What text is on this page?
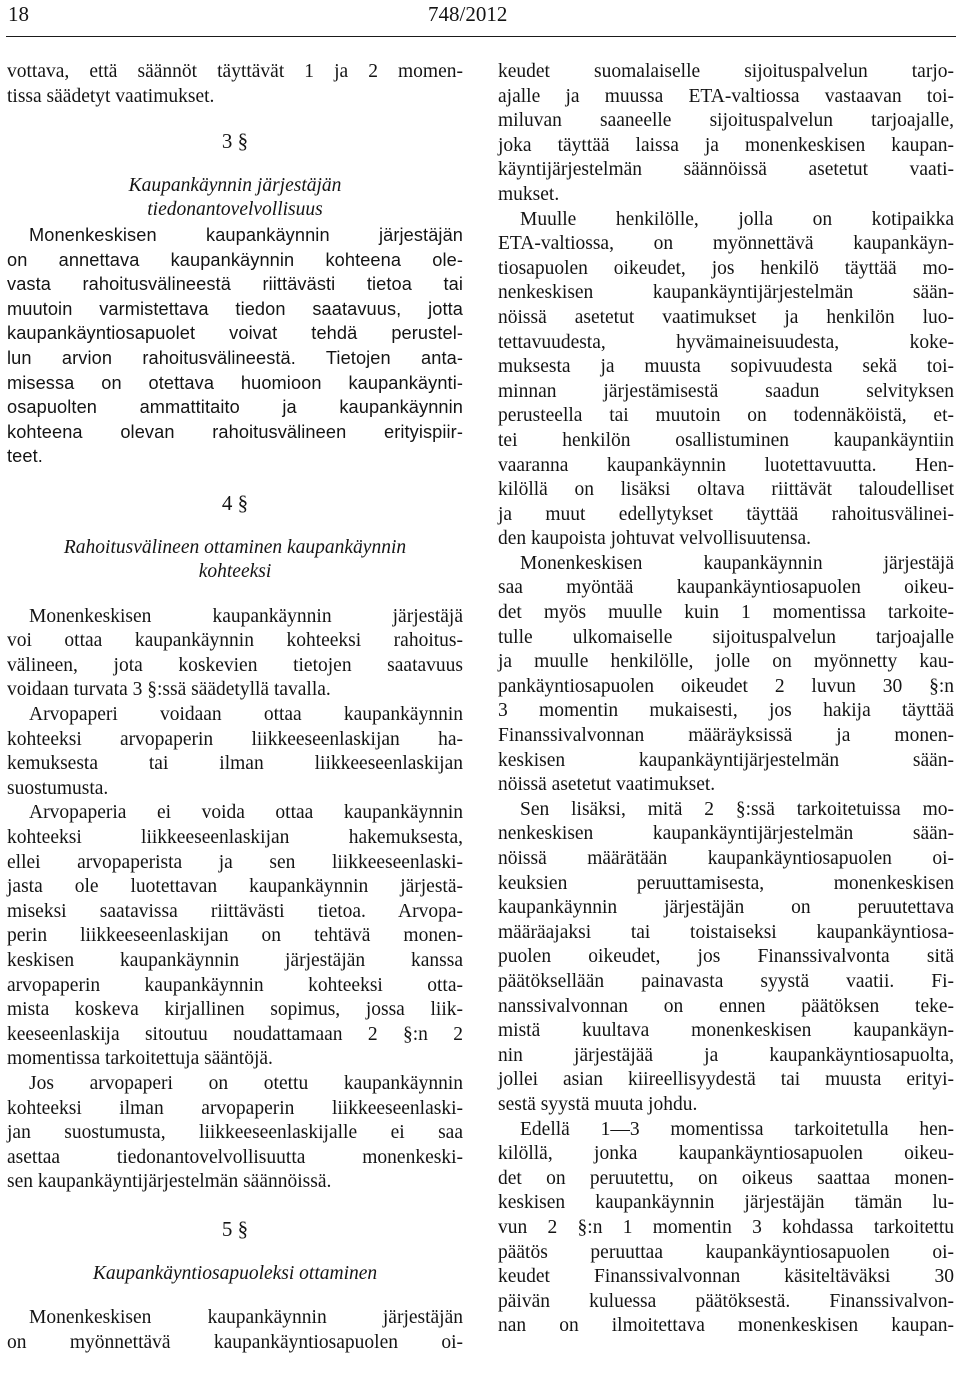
18	748/2012
vottava, että säännöt täyttävät 1 ja 2 momen-
tissa säädetyt vaatimukset.
3 §
Kaupankäynnin järjestäjän
tiedonantovelvollisuus
Monenkeskisen kaupankäynnin järjestäjän
on annettava kaupankäynnin kohteena ole-
vasta rahoitusvälineestä riittävästi tietoa tai
muutoin varmistettava tiedon saatavuus, jotta
kaupankäyntiosapuolet voivat tehdä perustel-
lun arvion rahoitusvälineestä. Tietojen anta-
misessa on otettava huomioon kaupankäynti-
osapuolten ammattitaito ja kaupankäynnin
kohteena olevan rahoitusvälineen erityispiir-
teet.
4 §
Rahoitusvälineen ottaminen kaupankäynnin
kohteeksi
Monenkeskisen kaupankäynnin järjestäjä
voi ottaa kaupankäynnin kohteeksi rahoitus-
välineen, jota koskevien tietojen saatavuus
voidaan turvata 3 §:ssä säädetyllä tavalla.
Arvopaperi voidaan ottaa kaupankäynnin
kohteeksi arvopaperin liikkeeseenlaskijan ha-
kemuksesta tai ilman liikkeeseenlaskijan
suostumusta.
Arvopaperia ei voida ottaa kaupankäynnin
kohteeksi liikkeeseenlaskijan hakemuksesta,
ellei arvopaperista ja sen liikkeeseenlaski-
jasta ole luotettavan kaupankäynnin järjestä-
miseksi saatavissa riittävästi tietoa. Arvopa-
perin liikkeeseenlaskijan on tehtävä monen-
keskisen kaupankäynnin järjestäjän kanssa
arvopaperin kaupankäynnin kohteeksi otta-
mista koskeva kirjallinen sopimus, jossa liik-
keeseenlaskija sitoutuu noudattamaan 2 §:n 2
momentissa tarkoitettuja sääntöjä.
Jos arvopaperi on otettu kaupankäynnin
kohteeksi ilman arvopaperin liikkeeseenlaski-
jan suostumusta, liikkeeseenlaskijalle ei saa
asettaa tiedonantovelvollisuutta monenkeski-
sen kaupankäyntijärjestelmän säännöissä.
5 §
Kaupankäyntiosapuoleksi ottaminen
Monenkeskisen kaupankäynnin järjestäjän
on myönnettävä kaupankäyntiosapuolen oi-
keudet suomalaiselle sijoituspalvelun tarjo-
ajalle ja muussa ETA-valtiossa vastaavan toi-
miluvan saaneelle sijoituspalvelun tarjoajalle,
joka täyttää laissa ja monenkeskisen kaupan-
käyntijärjestelmän säännöissä asetetut vaati-
mukset.
Muulle henkilölle, jolla on kotipaikka
ETA-valtiossa, on myönnettävä kaupankäyn-
tiosapuolen oikeudet, jos henkilö täyttää mo-
nenkeskisen kaupankäyntijärjestelmän sään-
nöissä asetetut vaatimukset ja henkilön luo-
tettavuudesta, hyvämaineisuudesta, koke-
muksesta ja muusta sopivuudesta sekä toi-
minnan järjestämisestä saadun selvityksen
perusteella tai muutoin on todennäköistä, et-
tei henkilön osallistuminen kaupankäyntiin
vaaranna kaupankäynnin luotettavuutta. Hen-
kilöllä on lisäksi oltava riittävät taloudelliset
ja muut edellytykset täyttää rahoitusvälinei-
den kaupoista johtuvat velvollisuutensa.
Monenkeskisen kaupankäynnin järjestäjä
saa myöntää kaupankäyntiosapuolen oikeu-
det myös muulle kuin 1 momentissa tarkoite-
tulle ulkomaiselle sijoituspalvelun tarjoajalle
ja muulle henkilölle, jolle on myönnetty kau-
pankäyntiosapuolen oikeudet 2 luvun 30 §:n
3 momentin mukaisesti, jos hakija täyttää
Finanssivalvonnan määräyksissä ja monen-
keskisen kaupankäyntijärjestelmän sään-
nöissä asetetut vaatimukset.
Sen lisäksi, mitä 2 §:ssä tarkoitetuissa mo-
nenkeskisen kaupankäyntijärjestelmän sään-
nöissä määrätään kaupankäyntiosapuolen oi-
keuksien peruuttamisesta, monenkeskisen
kaupankäynnin järjestäjän on peruutettava
määräajaksi tai toistaiseksi kaupankäyntiosa-
puolen oikeudet, jos Finanssivalvonta sitä
päätöksellään painavasta syystä vaatii. Fi-
nanssivalvonnan on ennen päätöksen teke-
mistä kuultava monenkeskisen kaupankäyn-
nin järjestäjää ja kaupankäyntiosapuolta,
jollei asian kiireellisyydestä tai muusta erityi-
sestä syystä muuta johdu.
Edellä 1—3 momentissa tarkoitetulla hen-
kilöllä, jonka kaupankäyntiosapuolen oikeu-
det on peruutettu, on oikeus saattaa monen-
keskisen kaupankäynnin järjestäjän tämän lu-
vun 2 §:n 1 momentin 3 kohdassa tarkoitettu
päätös peruuttaa kaupankäyntiosapuolen oi-
keudet Finanssivalvonnan käsiteltäväksi 30
päivän kuluessa päätöksestä. Finanssivalvon-
nan on ilmoitettava monenkeskisen kaupan-
